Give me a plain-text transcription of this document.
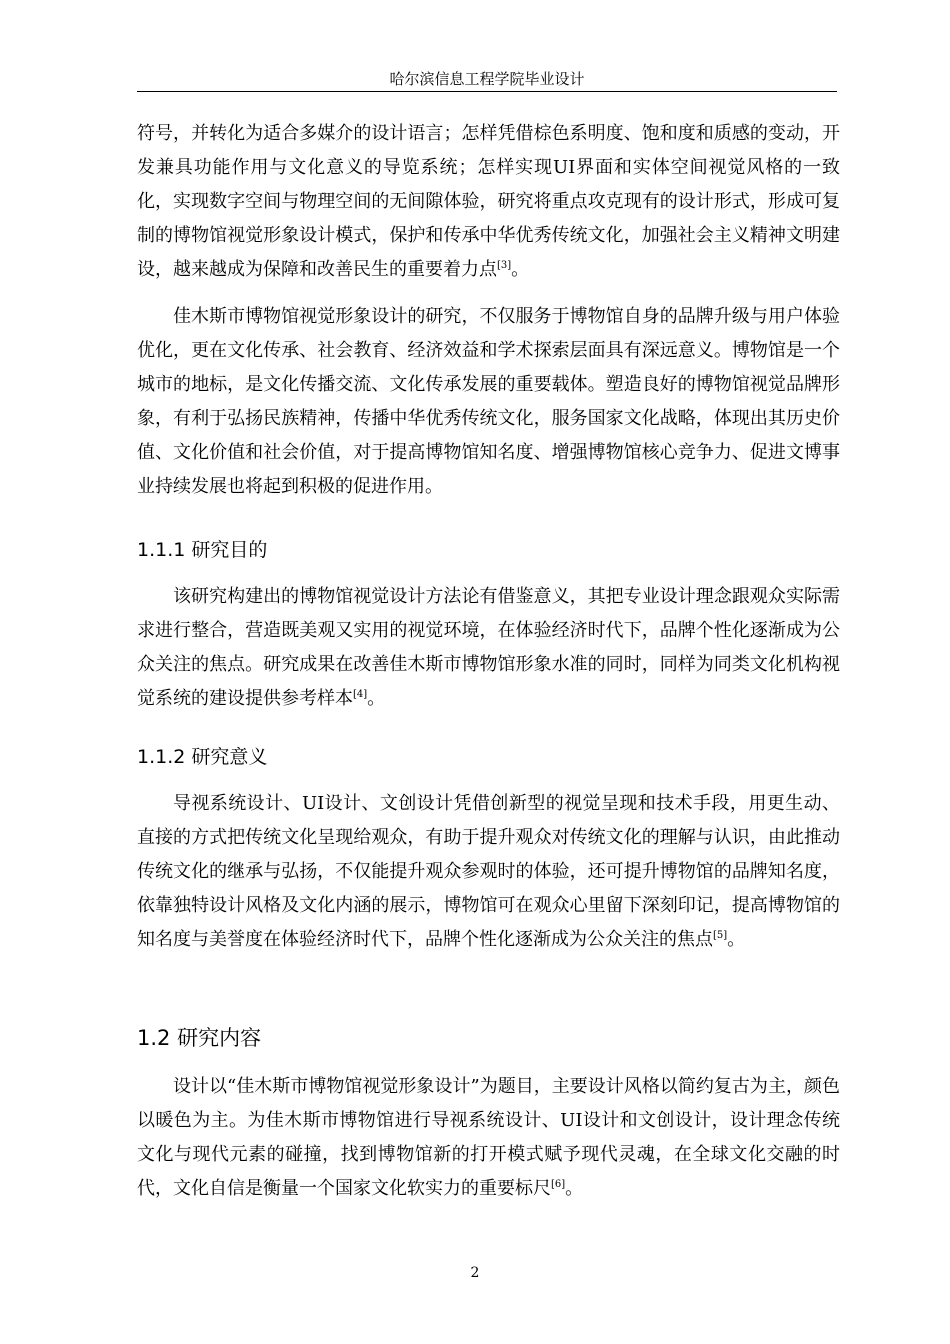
哈尔滨信息工程学院毕业设计

符号，并转化为适合多媒介的设计语言；怎样凭借棕色系明度、饱和度和质感的变动，开发兼具功能作用与文化意义的导览系统；怎样实现UI界面和实体空间视觉风格的一致化，实现数字空间与物理空间的无间隙体验，研究将重点攻克现有的设计形式，形成可复制的博物馆视觉形象设计模式，保护和传承中华优秀传统文化，加强社会主义精神文明建设，越来越成为保障和改善民生的重要着力点[3]。

佳木斯市博物馆视觉形象设计的研究，不仅服务于博物馆自身的品牌升级与用户体验优化，更在文化传承、社会教育、经济效益和学术探索层面具有深远意义。博物馆是一个城市的地标，是文化传播交流、文化传承发展的重要载体。塑造良好的博物馆视觉品牌形象，有利于弘扬民族精神，传播中华优秀传统文化，服务国家文化战略，体现出其历史价值、文化价值和社会价值，对于提高博物馆知名度、增强博物馆核心竞争力、促进文博事业持续发展也将起到积极的促进作用。

1.1.1 研究目的

该研究构建出的博物馆视觉设计方法论有借鉴意义，其把专业设计理念跟观众实际需求进行整合，营造既美观又实用的视觉环境，在体验经济时代下，品牌个性化逐渐成为公众关注的焦点。研究成果在改善佳木斯市博物馆形象水准的同时，同样为同类文化机构视觉系统的建设提供参考样本[4]。

1.1.2 研究意义

导视系统设计、UI设计、文创设计凭借创新型的视觉呈现和技术手段，用更生动、直接的方式把传统文化呈现给观众，有助于提升观众对传统文化的理解与认识，由此推动传统文化的继承与弘扬，不仅能提升观众参观时的体验，还可提升博物馆的品牌知名度，依靠独特设计风格及文化内涵的展示，博物馆可在观众心里留下深刻印记，提高博物馆的知名度与美誉度在体验经济时代下，品牌个性化逐渐成为公众关注的焦点[5]。

1.2 研究内容

设计以“佳木斯市博物馆视觉形象设计”为题目，主要设计风格以简约复古为主，颜色以暖色为主。为佳木斯市博物馆进行导视系统设计、UI设计和文创设计，设计理念传统文化与现代元素的碰撞，找到博物馆新的打开模式赋予现代灵魂，在全球文化交融的时代，文化自信是衡量一个国家文化软实力的重要标尺[6]。

2
